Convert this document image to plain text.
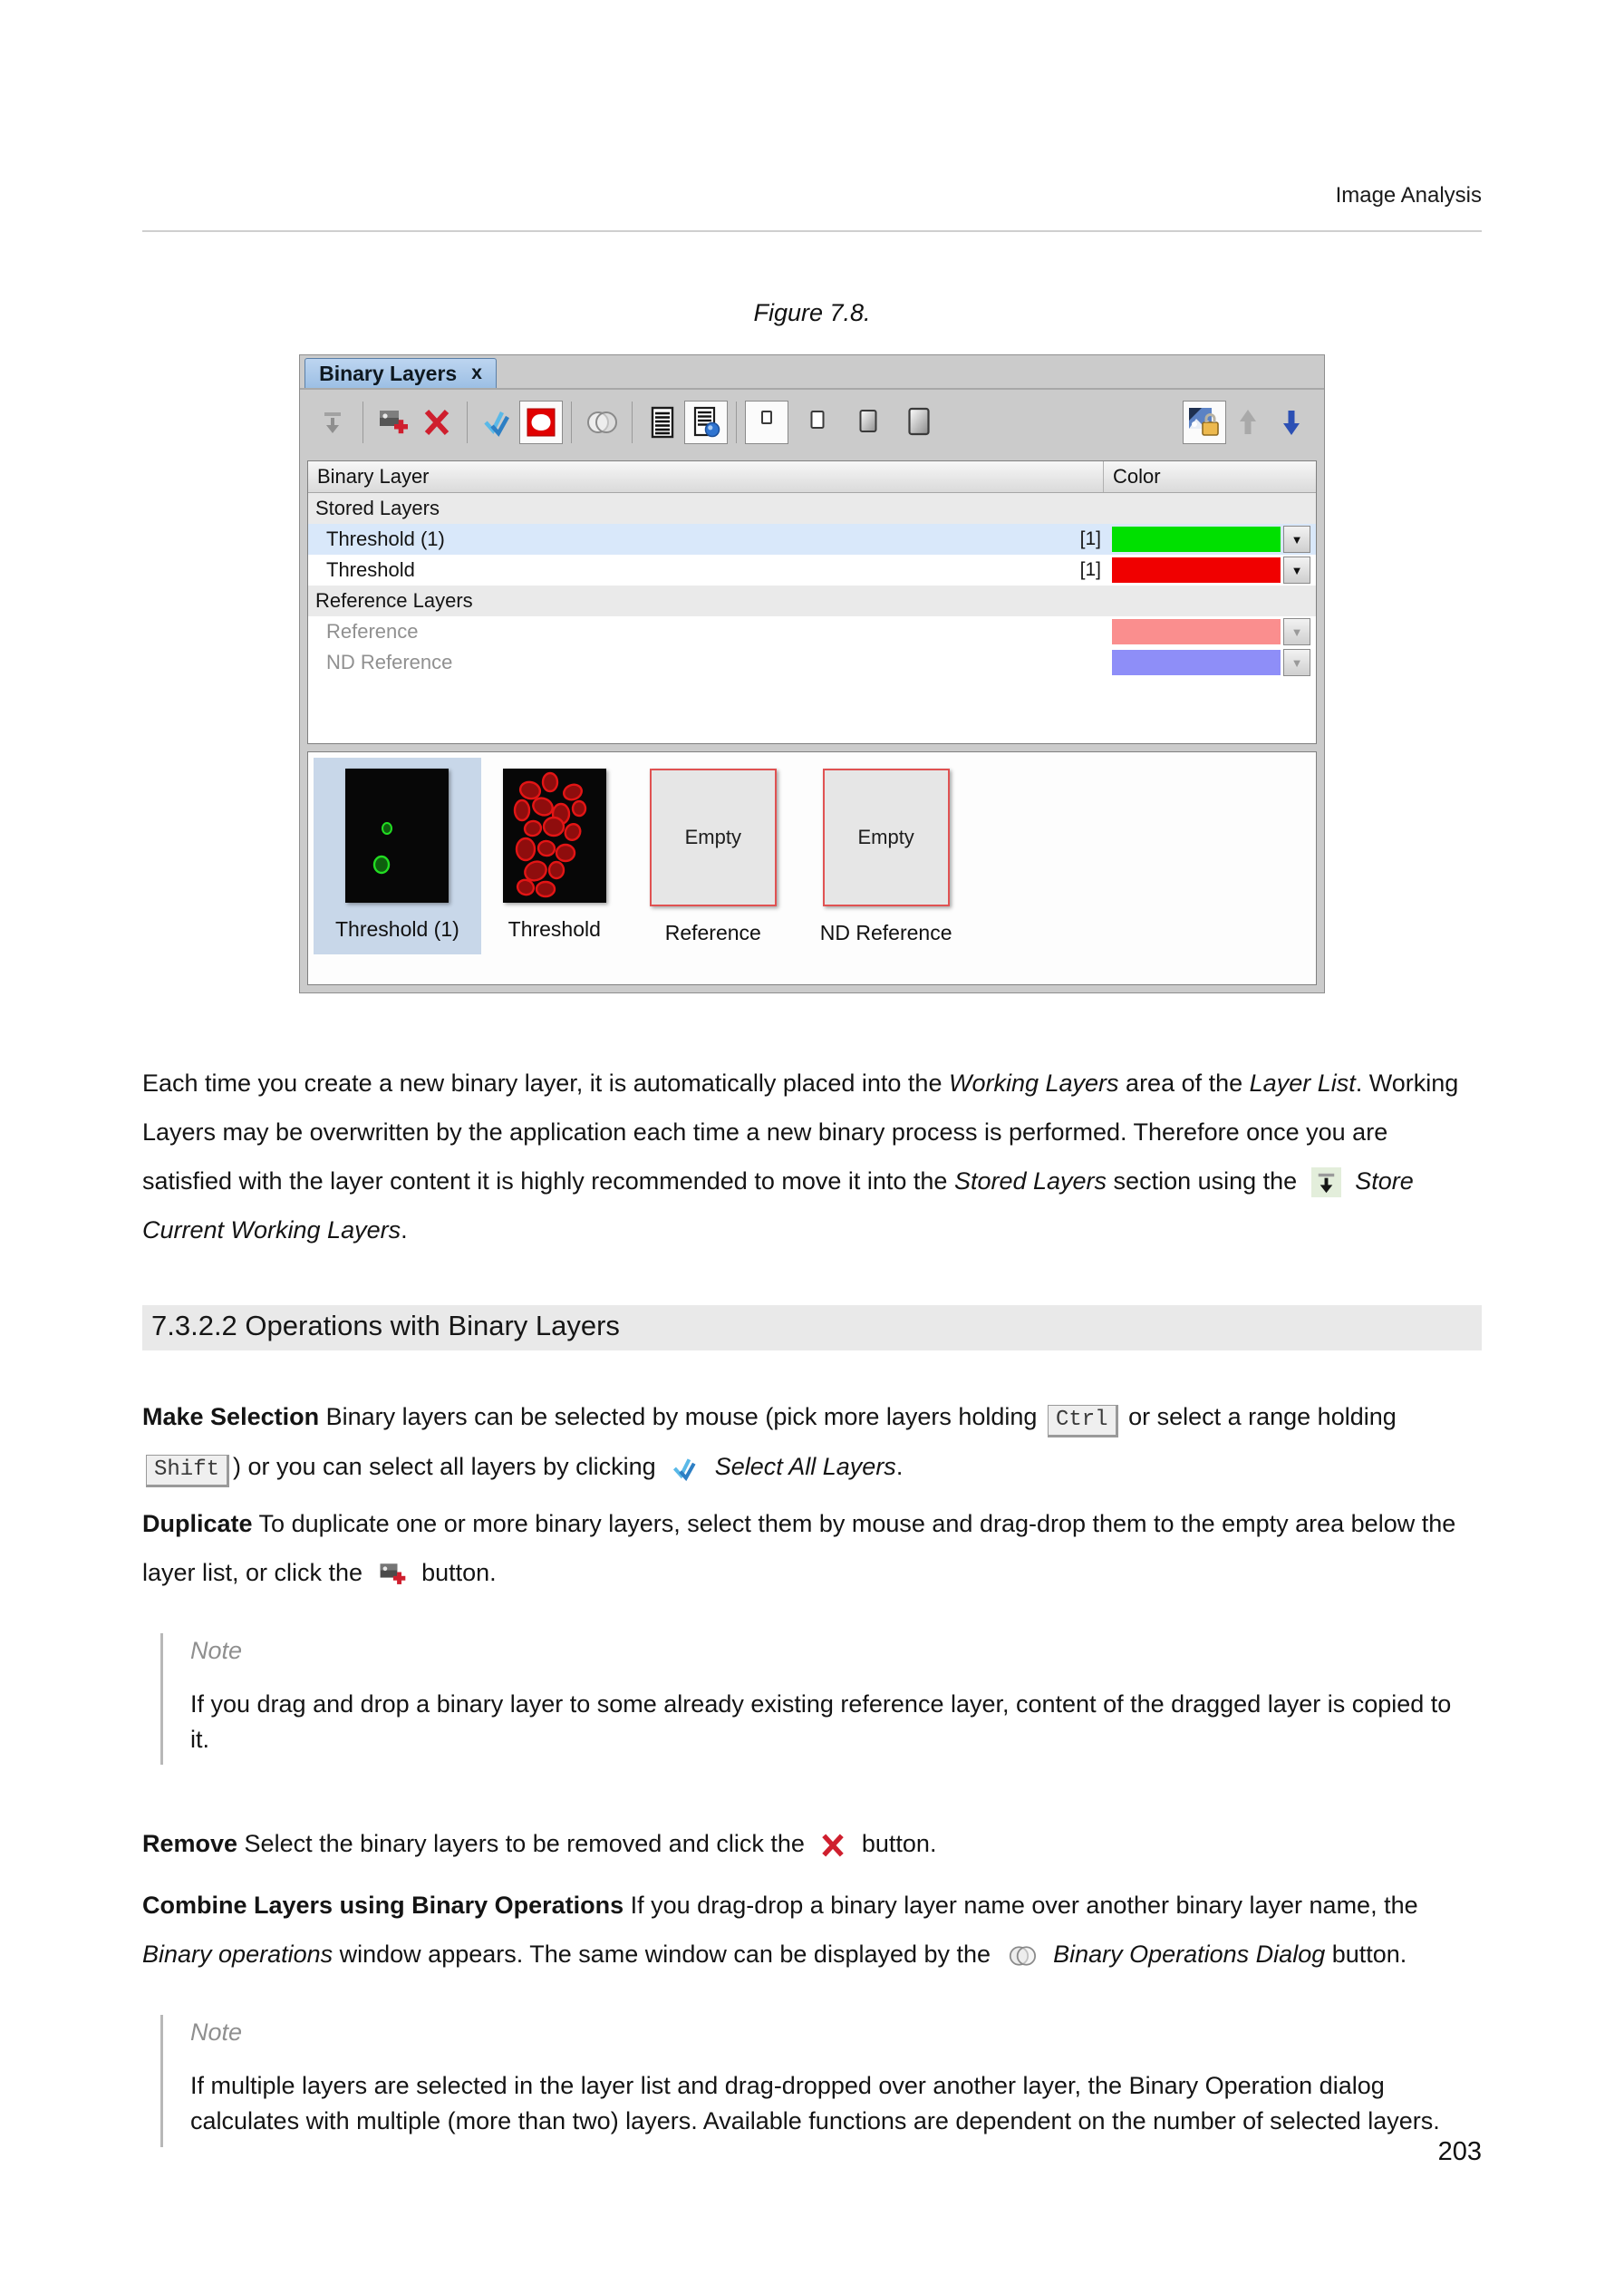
Image Analysis
Figure 7.8.
Binary Layers x
Binary Layer	Color
Stored Layers
Threshold (1)	[1]	▼
Threshold	[1]	▼
Reference Layers
Reference	▼
ND Reference	▼
Threshold (1) Threshold
Empty
Reference
Empty
ND Reference

Each time you create a new binary layer, it is automatically placed into the Working Layers area of the Layer List. Working Layers may be overwritten by the application each time a new binary process is performed. Therefore once you are satisfied with the layer content it is highly recommended to move it into the Stored Layers section using the  Store Current Working Layers.

7.3.2.2 Operations with Binary Layers

Make Selection Binary layers can be selected by mouse (pick more layers holding Ctrl or select a range holding Shift ) or you can select all layers by clicking  Select All Layers.

Duplicate To duplicate one or more binary layers, select them by mouse and drag-drop them to the empty area below the layer list, or click the  button.

Note

If you drag and drop a binary layer to some already existing reference layer, content of the dragged layer is copied to it.

Remove Select the binary layers to be removed and click the  button.

Combine Layers using Binary Operations If you drag-drop a binary layer name over another binary layer name, the Binary operations window appears. The same window can be displayed by the  Binary Operations Dialog button.

Note

If multiple layers are selected in the layer list and drag-dropped over another layer, the Binary Operation dialog calculates with multiple (more than two) layers. Available functions are dependent on the number of selected layers.

203
